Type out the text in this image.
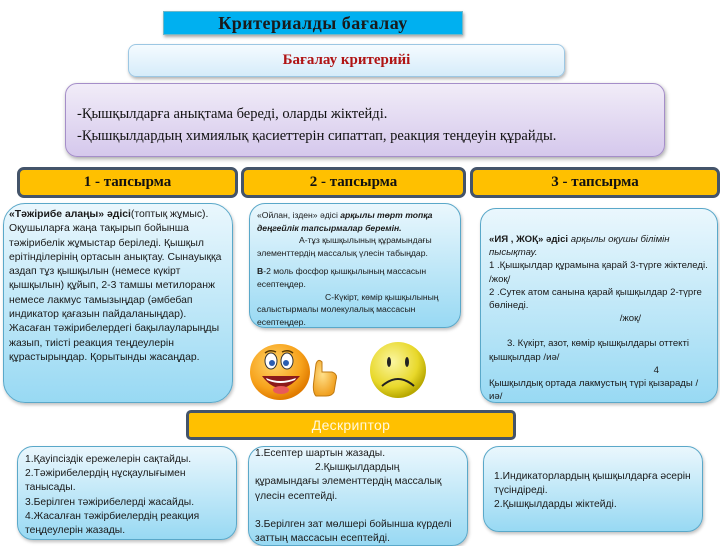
Критериалды бағалау
Бағалау критерийі
-Қышқылдарға анықтама береді, оларды жіктейді.
-Қышқылдардың химиялық қасиеттерін сипаттап, реакция теңдеуін құрайды.
1 - тапсырма	2 - тапсырма	3 - тапсырма

«Тәжірибе алаңы» әдісі(топтық жұмыс).

Оқушыларға жаңа тақырып бойынша тәжірибелік жұмыстар беріледі. Қышқыл ерітінділерінің ортасын анықтау. Сынауыққа аздап тұз қышқылын (немесе күкірт қышқылын) құйып, 2-3 тамшы метилоранж немесе лакмус тамызыңдар (әмбебап индикатор қағазын пайдаланыңдар). Жасаған тәжірибелердегі бақылауларыңды жазып, тиісті реакция теңдеулерін құрастырыңдар. Қорытынды жасаңдар.

«Ойлан, ізден» әдісі арқылы төрт топқа деңгейлік тапсырмалар беремін.

А-тұз қышқылының құрамындағы элементтердің массалық үлесін табыңдар.

В-2 моль фосфор қышқылының массасын есептеңдер.

С-Күкірт, көмір қышқылының салыстырмалы молекулалық массасын есептеңдер.

«ИЯ , ЖОҚ» әдісі арқылы оқушы білімін пысықтау.

1 .Қышқылдар құрамына қарай 3-түрге жіктеледі. /жоқ/

2 .Сутек атом санына қарай қышқылдар 2-түрге бөлінеді.

/жоқ/

3. Күкірт, азот, көмір қышқылдары оттекті қышқылдар /иә/

4

Қышқылдық ортада лакмустың түрі қызарады /иә/

Дескриптор

1.Қауіпсіздік ережелерін сақтайды.

2.Тәжірибелердің нұсқаулығымен танысады.

3.Берілген тәжірибелерді жасайды.

4.Жасалған тәжірбиелердің реакция теңдеулерін жазады.

1.Есептер шартын жазады.

2.Қышқылдардың құрамындағы элементтердің массалық үлесін есептейді.

3.Берілген зат мөлшері бойынша күрделі заттың массасын есептейді.

1.Индикаторлардың қышқылдарға әсерін түсіндіреді.

2.Қышқылдарды жіктейді.
